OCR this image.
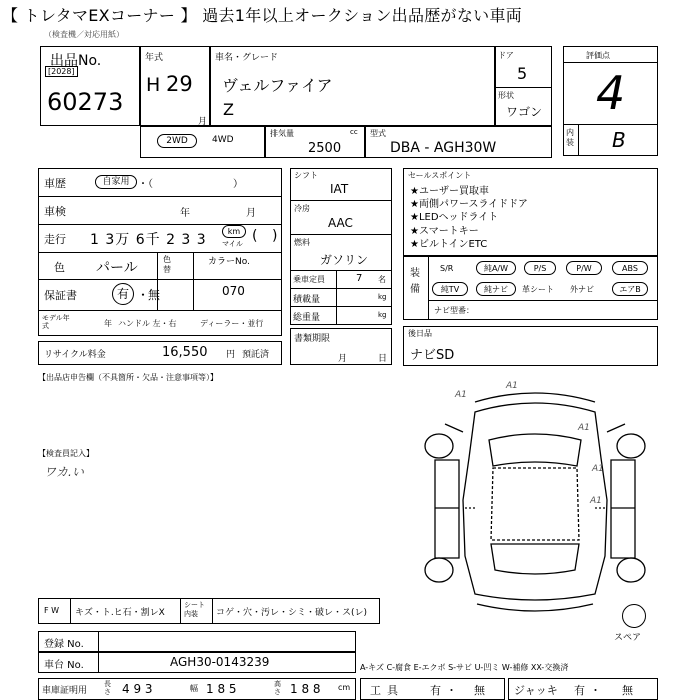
【 トレタマEXコーナー 】 過去1年以上オークション出品歴がない車両
（検査機／対応用紙）
出品No.
[2028]
60273
年式
H 29
月
車名・グレード
ヴェルファイア
Z
ドア
5
形状
ワゴン
評価点
4
内装 B
2WD	4WD
排気量	cc
2500
型式
DBA - AGH30W
車歴	自家用 ・（　　　　　　　　）
車検	年	月
走行 1 3万 6千 2 3 3
km
マイル ( )
色 パール
色替
カラーNo.
070
保証書	有 ・
無
モデル年式	年 ハンドル 左・右	ディーラー・並行
リサイクル料金	16,550 円 預託済
シフト
IAT
冷房
AAC
燃料
ガソリン
乗車定員	7 名
積載量	kg
総重量	kg
書類期限
月	日
セールスポイント
★ユーザー買取車
★両側パワースライドドア
★LEDヘッドライト
★スマートキー
★ビルトインETC
装備
S/R	純A/W	P/S	P/W	ABS
純TV	純ナビ	革シート 外ナビ	エアB
ナビ型番：
後日品
ナビSD
【出品店申告欄（不具箇所・欠品・注意事項等）】
【検査員記入】
ワカ.い
A1
A1
A1
A1
A1
スペア
F W キズ・ト.ヒ石・割レX
シート内装	コゲ・穴・汚レ・シミ・破レ・ス(レ)
登録 No.
車台 No.	AGH30-0143239	A-キズ C-腐食 E-エクボ S-サビ U-凹ミ W-補修 XX-交換済
車庫証明用
長さ 4 9 3	幅 1 8 5	高さ 1 8 8 cm 工具 有 ・ 無	ジャッキ 有 ・ 無
